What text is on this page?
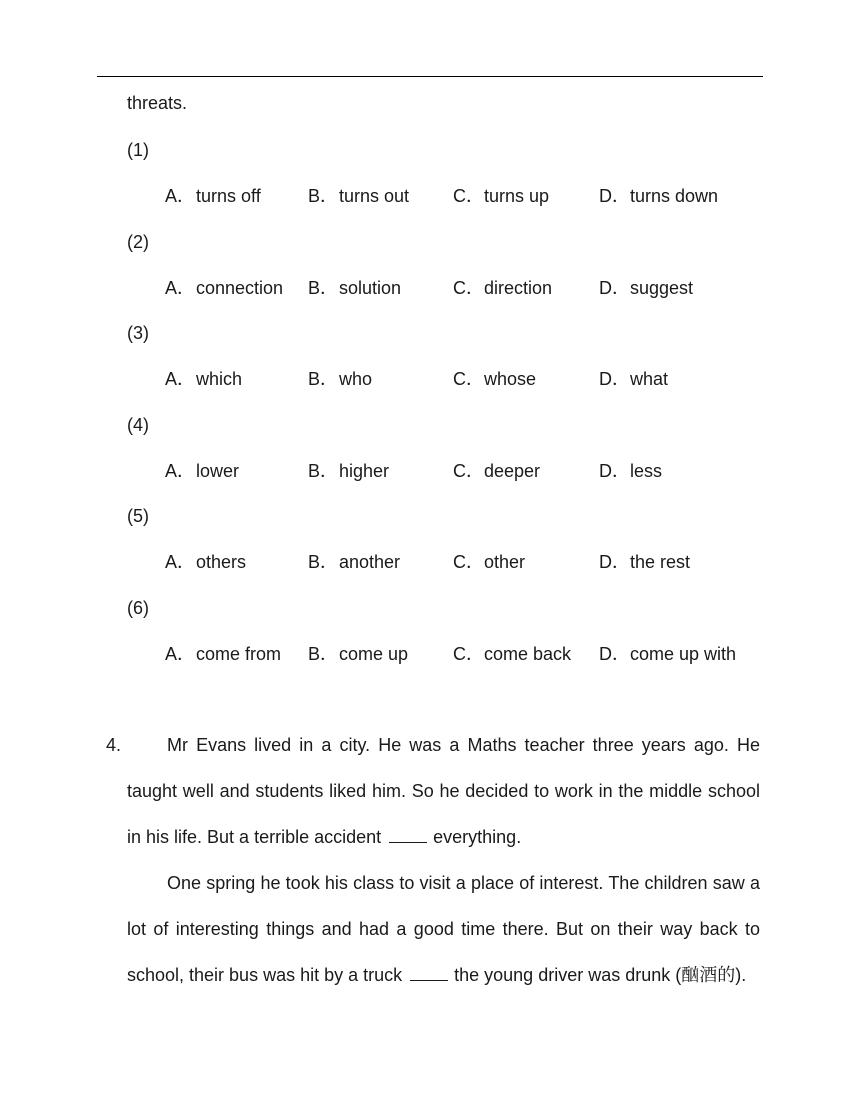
threats.
(1)
A．turns off	B．turns out C．turns up	D．turns down
(2)
A．connection B．solution	C．direction	D．suggest
(3)
A．which	B．who	C．whose	D．what
(4)
A．lower	B．higher	C．deeper	D．less
(5)
A．others	B．another	C．other	D．the rest
(6)
A．come from B．come up C．come back D．come up with
4.	Mr Evans lived in a city. He was a Maths teacher three years ago. He
taught well and students liked him. So he decided to work in the middle school
in his life. But a terrible accident	everything.
One spring he took his class to visit a place of interest. The children saw a
lot of interesting things and had a good time there. But on their way back to
school, their bus was hit by a truck	the young driver was drunk (酗酒的).
